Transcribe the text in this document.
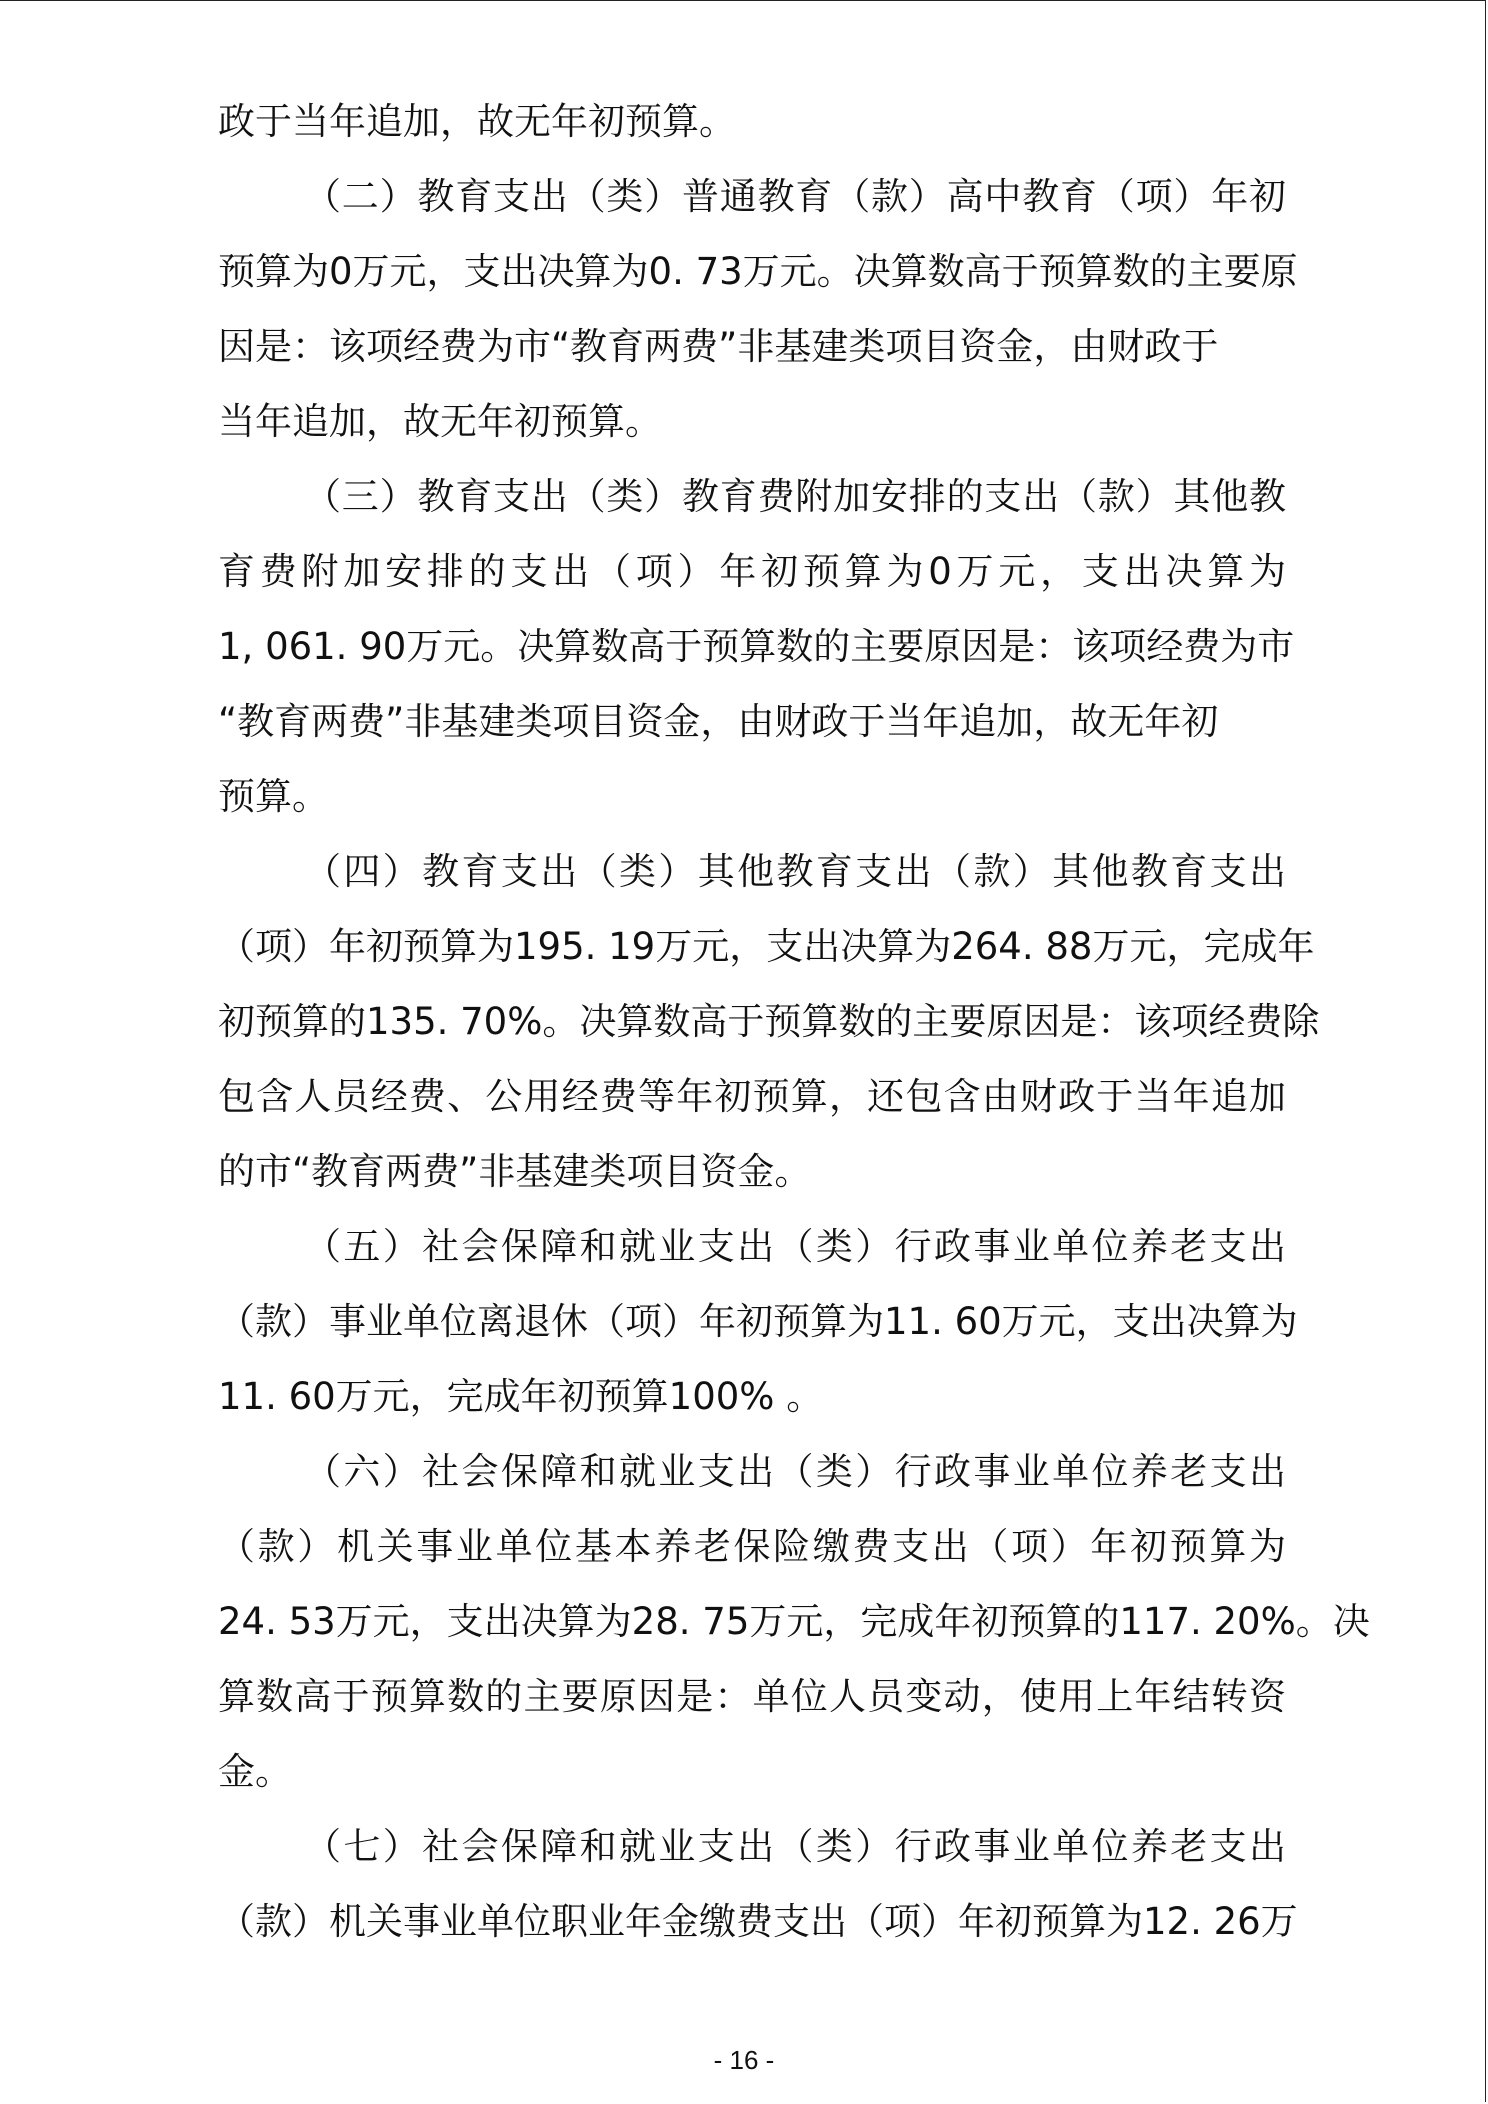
政于当年追加，故无年初预算。
（二）教育支出（类）普通教育（款）高中教育（项）年初
预算为0万元，支出决算为0. 73万元。决算数高于预算数的主要原
因是：该项经费为市“教育两费”非基建类项目资金，由财政于
当年追加，故无年初预算。
（三）教育支出（类）教育费附加安排的支出（款）其他教
育费附加安排的支出（项）年初预算为0万元，支出决算为
1, 061. 90万元。决算数高于预算数的主要原因是：该项经费为市
“教育两费”非基建类项目资金，由财政于当年追加，故无年初
预算。
（四）教育支出（类）其他教育支出（款）其他教育支出
（项）年初预算为195. 19万元，支出决算为264. 88万元，完成年
初预算的135. 70%。决算数高于预算数的主要原因是：该项经费除
包含人员经费、公用经费等年初预算，还包含由财政于当年追加
的市“教育两费”非基建类项目资金。
（五）社会保障和就业支出（类）行政事业单位养老支出
（款）事业单位离退休（项）年初预算为11. 60万元，支出决算为
11. 60万元，完成年初预算100% 。
（六）社会保障和就业支出（类）行政事业单位养老支出
（款）机关事业单位基本养老保险缴费支出（项）年初预算为
24. 53万元，支出决算为28. 75万元，完成年初预算的117. 20%。决
算数高于预算数的主要原因是：单位人员变动，使用上年结转资
金。
（七）社会保障和就业支出（类）行政事业单位养老支出
（款）机关事业单位职业年金缴费支出（项）年初预算为12. 26万
- 16 -
